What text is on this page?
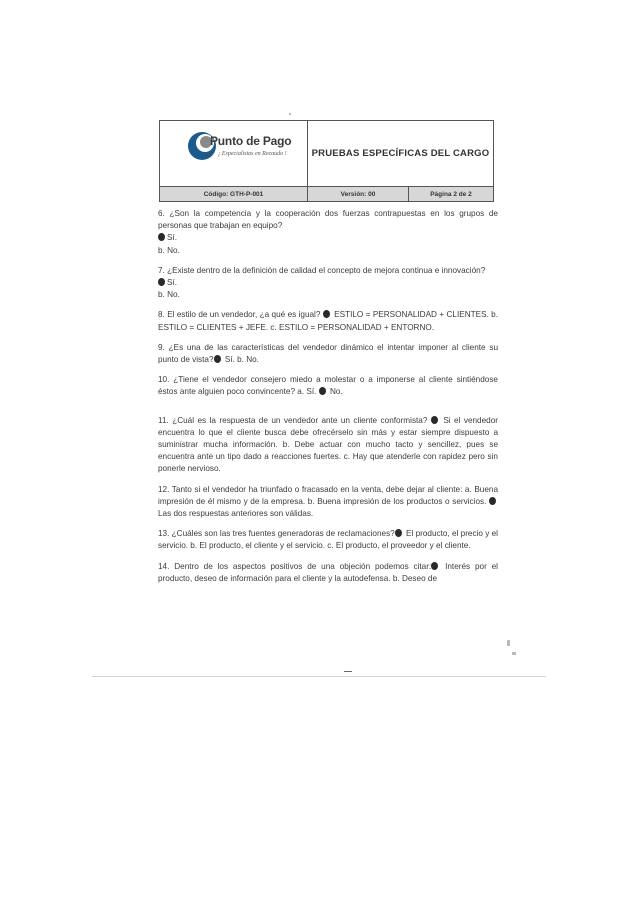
Punto de Pago
¡ Especialistas en Recaudo !	PRUEBAS ESPECÍFICAS DEL CARGO
Código: GTH-P-001	Versión: 00	Página 2 de 2

6. ¿Son la competencia y la cooperación dos fuerzas contrapuestas en los grupos de personas que trabajan en equipo?

Sí.

b. No.

7. ¿Existe dentro de la definición de calidad el concepto de mejora continua e innovación?

Sí.

b. No.

8. El estilo de un vendedor, ¿a qué es igual?  ESTILO = PERSONALIDAD + CLIENTES. b. ESTILO = CLIENTES + JEFE. c. ESTILO = PERSONALIDAD + ENTORNO.

9. ¿Es una de las características del vendedor dinámico el intentar imponer al cliente su punto de vista? Sí. b. No.

10. ¿Tiene el vendedor consejero miedo a molestar o a imponerse al cliente sintiéndose éstos ante alguien poco convincente? a. Sí.  No.

11. ¿Cuál es la respuesta de un vendedor ante un cliente conformista?  Si el vendedor encuentra lo que el cliente busca debe ofrecérselo sin más y estar siempre dispuesto a suministrar mucha información. b. Debe actuar con mucho tacto y sencillez, pues se encuentra ante un tipo dado a reacciones fuertes. c. Hay que atenderle con rapidez pero sin ponerle nervioso.

12. Tanto si el vendedor ha triunfado o fracasado en la venta, debe dejar al cliente: a. Buena impresión de él mismo y de la empresa. b. Buena impresión de los productos o servicios.  Las dos respuestas anteriores son válidas.

13. ¿Cuáles son las tres fuentes generadoras de reclamaciones? El producto, el precio y el servicio. b. El producto, el cliente y el servicio. c. El producto, el proveedor y el cliente.

14. Dentro de los aspectos positivos de una objeción podemos citar: Interés por el producto, deseo de información para el cliente y la autodefensa. b. Deseo de
